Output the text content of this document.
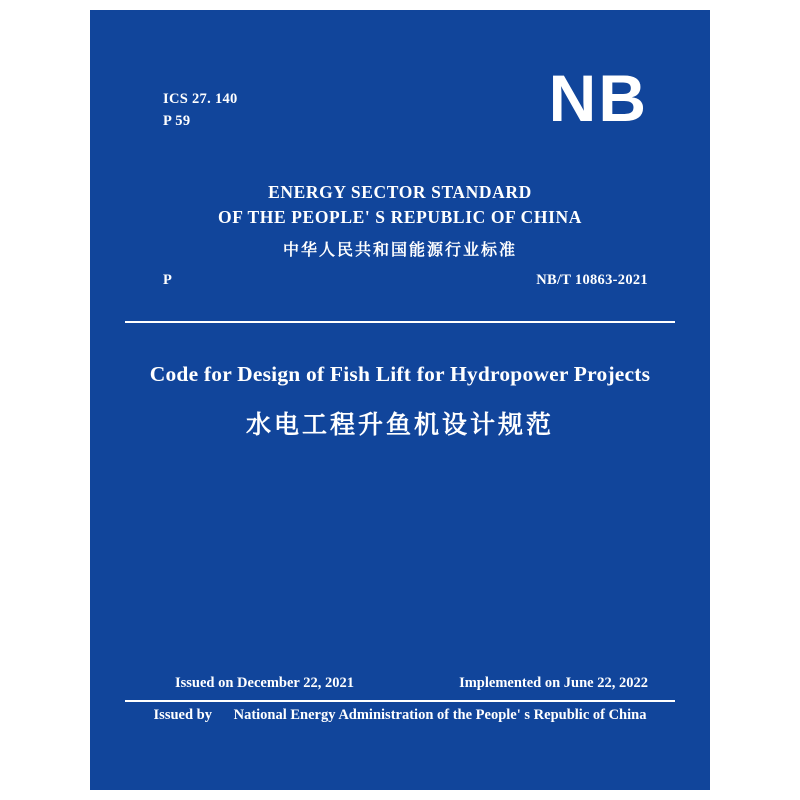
ICS 27. 140
P 59	NB
ENERGY SECTOR STANDARD
OF THE PEOPLE' S REPUBLIC OF CHINA
中华人民共和国能源行业标准
P	NB/T 10863-2021
Code for Design of Fish Lift for Hydropower Projects
水电工程升鱼机设计规范
Issued on December 22, 2021	Implemented on June 22, 2022
Issued by National Energy Administration of the People' s Republic of China
